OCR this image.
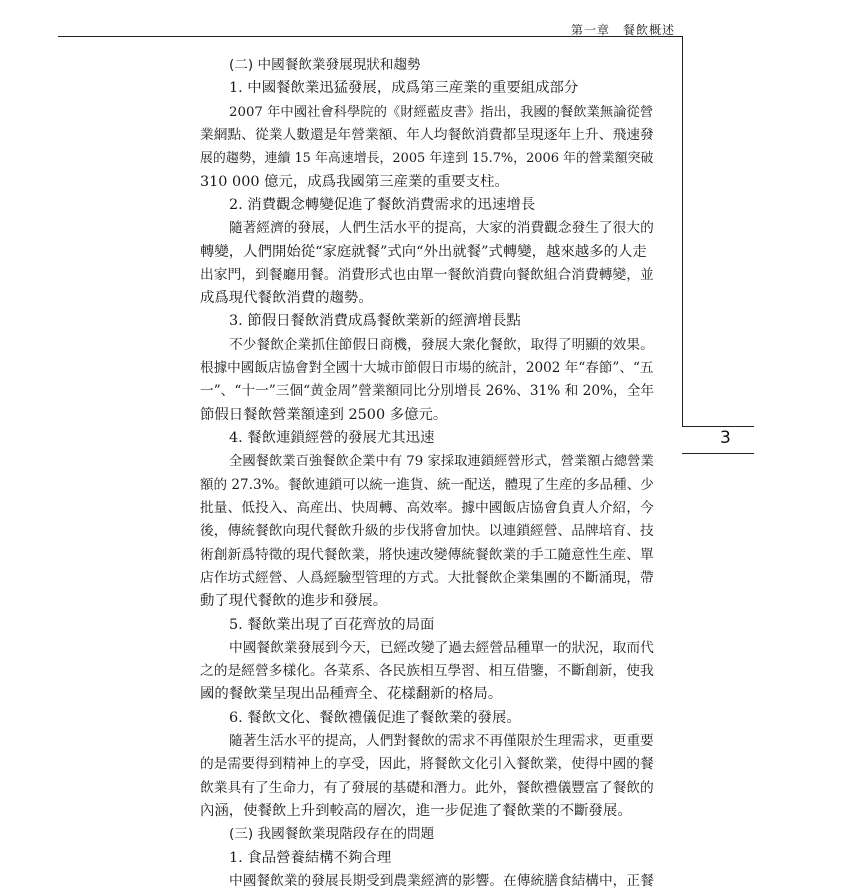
第一章　餐飲概述
3
(二) 中國餐飲業發展現狀和趨勢
1. 中國餐飲業迅猛發展，成爲第三産業的重要組成部分
2007 年中國社會科學院的《財經藍皮書》指出，我國的餐飲業無論從營
業網點、從業人數還是年營業額、年人均餐飲消費都呈現逐年上升、飛速發
展的趨勢，連續 15 年高速增長，2005 年達到 15.7%，2006 年的營業額突破
310 000 億元，成爲我國第三産業的重要支柱。
2. 消費觀念轉變促進了餐飲消費需求的迅速增長
隨著經濟的發展，人們生活水平的提高，大家的消費觀念發生了很大的
轉變，人們開始從“家庭就餐”式向“外出就餐”式轉變，越來越多的人走
出家門，到餐廳用餐。消費形式也由單一餐飲消費向餐飲組合消費轉變，並
成爲現代餐飲消費的趨勢。
3. 節假日餐飲消費成爲餐飲業新的經濟增長點
不少餐飲企業抓住節假日商機，發展大衆化餐飲，取得了明顯的效果。
根據中國飯店協會對全國十大城市節假日市場的統計，2002 年“春節”、“五
一”、“十一”三個“黄金周”營業額同比分別增長 26%、31% 和 20%，全年
節假日餐飲營業額達到 2500 多億元。
4. 餐飲連鎖經營的發展尤其迅速
全國餐飲業百強餐飲企業中有 79 家採取連鎖經營形式，營業額占總營業
額的 27.3%。餐飲連鎖可以統一進貨、統一配送，體現了生産的多品種、少
批量、低投入、高産出、快周轉、高效率。據中國飯店協會負責人介紹，今
後，傳統餐飲向現代餐飲升級的步伐將會加快。以連鎖經營、品牌培育、技
術創新爲特徵的現代餐飲業，將快速改變傳統餐飲業的手工隨意性生産、單
店作坊式經營、人爲經驗型管理的方式。大批餐飲企業集團的不斷涌現，帶
動了現代餐飲的進步和發展。
5. 餐飲業出現了百花齊放的局面
中國餐飲業發展到今天，已經改變了過去經營品種單一的狀況，取而代
之的是經營多樣化。各菜系、各民族相互學習、相互借鑒，不斷創新，使我
國的餐飲業呈現出品種齊全、花樣翻新的格局。
6. 餐飲文化、餐飲禮儀促進了餐飲業的發展。
隨著生活水平的提高，人們對餐飲的需求不再僅限於生理需求，更重要
的是需要得到精神上的享受，因此，將餐飲文化引入餐飲業，使得中國的餐
飲業具有了生命力，有了發展的基礎和潛力。此外，餐飲禮儀豐富了餐飲的
內涵，使餐飲上升到較高的層次，進一步促進了餐飲業的不斷發展。
(三) 我國餐飲業現階段存在的問題
1. 食品營養結構不夠合理
中國餐飲業的發展長期受到農業經濟的影響。在傳統膳食結構中，正餐
